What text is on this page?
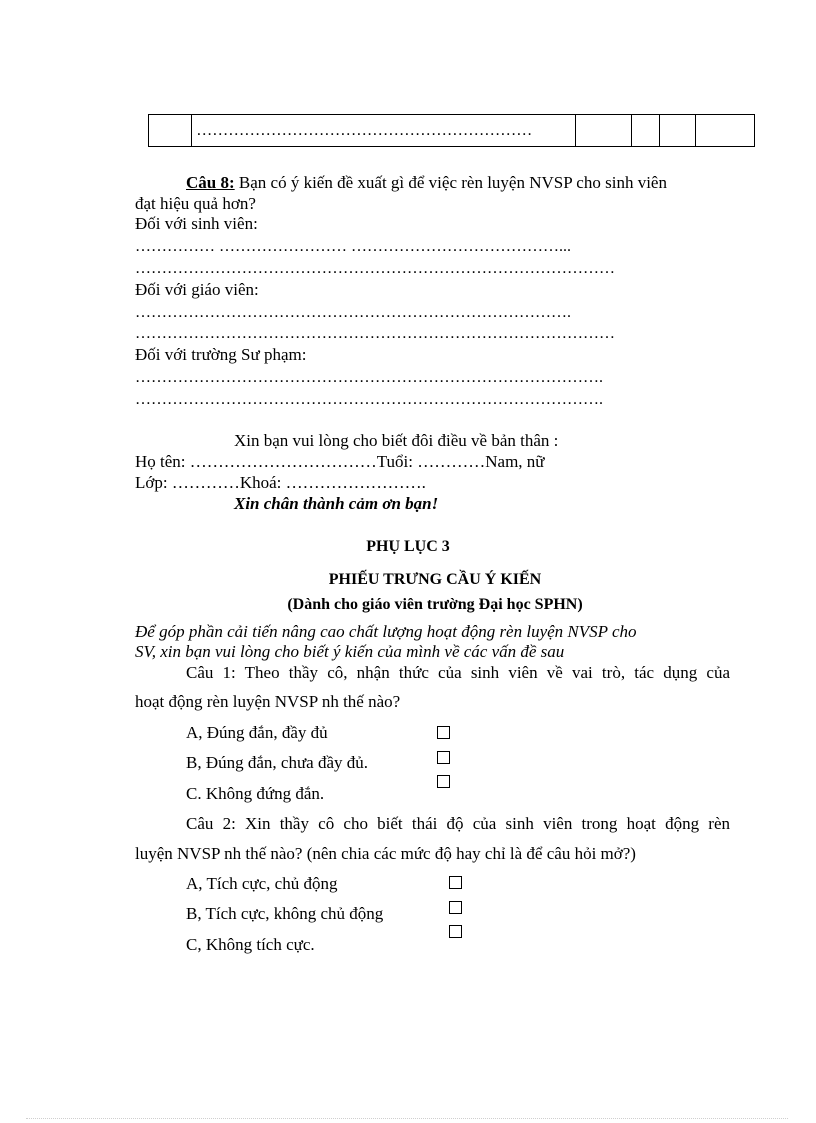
	………………………………………………………				
Câu 8: Bạn có ý kiến đề xuất gì để việc rèn luyện NVSP cho sinh viên
đạt hiệu quả hơn?
Đối với sinh viên:
…………… …………………… …………………………………...
………………………………………………………………………………
Đối với giáo viên:
……………………………………………………………………….
………………………………………………………………………………
Đối với trường Sư phạm:
…………………………………………………………………………….
…………………………………………………………………………….
Xin bạn vui lòng cho biết đôi điều về bản thân :
Họ tên: ……………………………Tuổi: …………Nam, nữ
Lớp: …………Khoá: …………………….
Xin chân thành cảm ơn bạn!
PHỤ LỤC 3
PHIẾU TRƯNG CẦU Ý KIẾN
(Dành cho giáo viên trường Đại học SPHN)
Để góp phần cải tiến nâng cao chất lượng hoạt động rèn luyện NVSP cho
SV, xin bạn vui lòng cho biết ý kiến của mình về các vấn đề sau
Câu 1: Theo thầy cô, nhận thức của sinh viên về vai trò, tác dụng của
hoạt động rèn luyện NVSP nh thế nào?
A, Đúng đắn, đầy đủ
B, Đúng đắn, chưa đầy đủ.
C. Không đứng đắn.
Câu 2: Xin thầy cô cho biết thái độ của sinh viên trong hoạt động rèn
luyện NVSP nh thế nào? (nên chia các mức độ hay chỉ là để câu hỏi mở?)
A, Tích cực, chủ động
B, Tích cực, không chủ động
C, Không tích cực.
